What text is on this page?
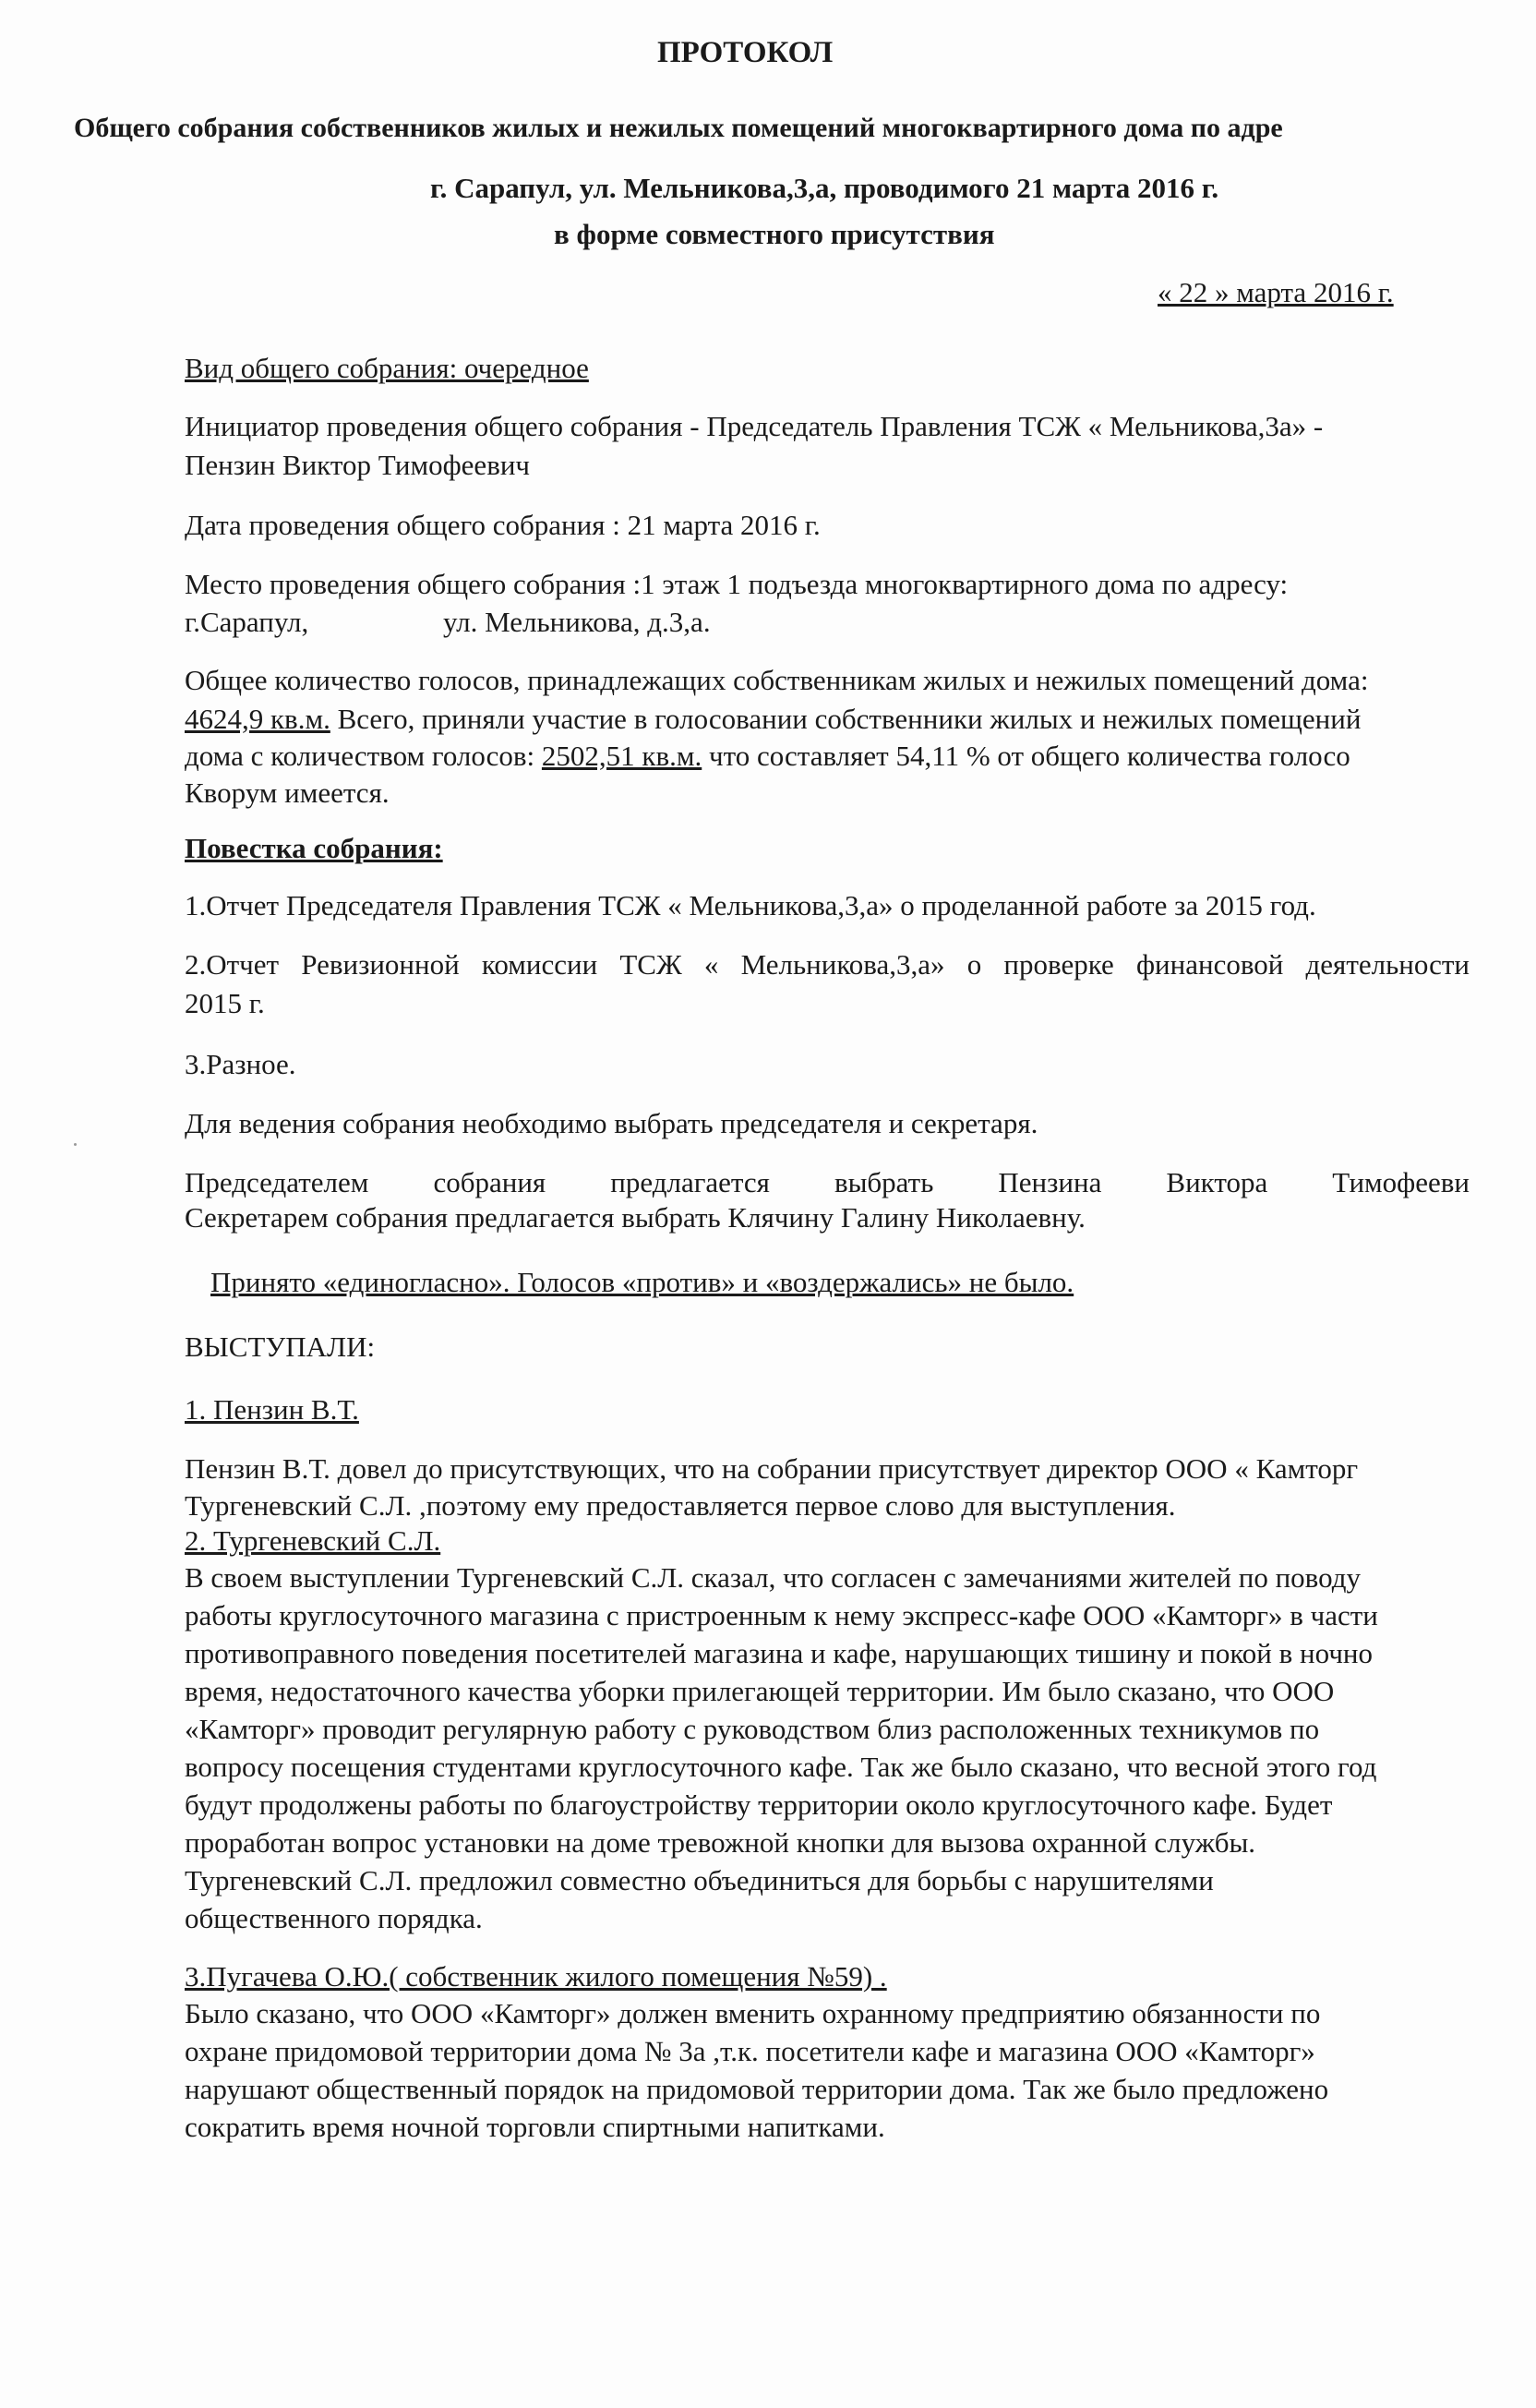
ПРОТОКОЛ
Общего собрания собственников жилых и нежилых помещений многоквартирного дома по адре
г. Сарапул, ул. Мельникова,3,а, проводимого 21 марта 2016 г.
в форме совместного присутствия
« 22 » марта 2016 г.
Вид общего собрания: очередное
Инициатор проведения общего собрания - Председатель Правления ТСЖ « Мельникова,3а» -
Пензин Виктор Тимофеевич
Дата проведения общего собрания : 21 марта 2016 г.
Место проведения общего собрания :1 этаж 1 подъезда многоквартирного дома по адресу:
г.Сарапул,	ул. Мельникова, д.3,а.
Общее количество голосов, принадлежащих собственникам жилых и нежилых помещений дома:
4624,9 кв.м. Всего, приняли участие в голосовании собственники жилых и нежилых помещений
дома с количеством голосов: 2502,51 кв.м. что составляет 54,11 % от общего количества голосо
Кворум имеется.
Повестка собрания:
1.Отчет Председателя Правления ТСЖ « Мельникова,3,а» о проделанной работе за 2015 год.
2.Отчет Ревизионной комиссии ТСЖ « Мельникова,3,а» о проверке финансовой деятельности
2015 г.
3.Разное.
Для ведения собрания необходимо выбрать председателя и секретаря.
Председателем собрания предлагается выбрать Пензина Виктора Тимофееви
Секретарем собрания предлагается выбрать Клячину Галину Николаевну.
Принято «единогласно». Голосов «против» и «воздержались» не было.
ВЫСТУПАЛИ:
1. Пензин В.Т.
Пензин В.Т. довел до присутствующих, что на собрании присутствует директор ООО « Камторг
Тургеневский С.Л. ,поэтому ему предоставляется первое слово для выступления.
2. Тургеневский С.Л.
В своем выступлении Тургеневский С.Л. сказал, что согласен с замечаниями жителей по поводу
работы круглосуточного магазина с пристроенным к нему экспресс-кафе ООО «Камторг» в части
противоправного поведения посетителей магазина и кафе, нарушающих тишину и покой в ночно
время, недостаточного качества уборки прилегающей территории. Им было сказано, что ООО
«Камторг» проводит регулярную работу с руководством близ расположенных техникумов по
вопросу посещения студентами круглосуточного кафе. Так же было сказано, что весной этого год
будут продолжены работы по благоустройству территории около круглосуточного кафе. Будет
проработан вопрос установки на доме тревожной кнопки для вызова охранной службы.
Тургеневский С.Л. предложил совместно объединиться для борьбы с нарушителями
общественного порядка.
3.Пугачева О.Ю.( собственник жилого помещения №59) .
Было сказано, что ООО «Камторг» должен вменить охранному предприятию обязанности по
охране придомовой территории дома № 3а ,т.к. посетители кафе и магазина ООО «Камторг»
нарушают общественный порядок на придомовой территории дома. Так же было предложено
сократить время ночной торговли спиртными напитками.
